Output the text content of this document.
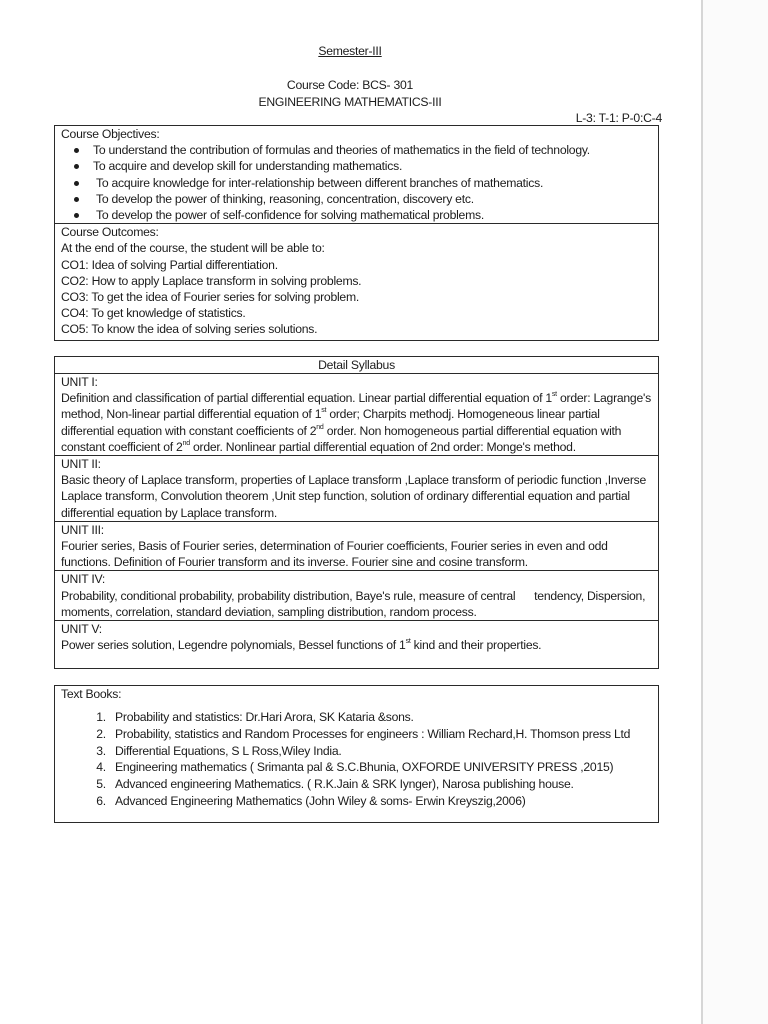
Semester-III
Course Code: BCS- 301
ENGINEERING MATHEMATICS-III
L-3: T-1: P-0:C-4
Course Objectives:
To understand the contribution of formulas and theories of mathematics in the field of technology.
To acquire and develop skill for understanding mathematics.
To acquire knowledge for inter-relationship between different branches of mathematics.
To develop the power of thinking, reasoning, concentration, discovery etc.
To develop the power of self-confidence for solving mathematical problems.
Course Outcomes:
At the end of the course, the student will be able to:
CO1: Idea of solving Partial differentiation.
CO2: How to apply Laplace transform in solving problems.
CO3: To get the idea of Fourier series for solving problem.
CO4: To get knowledge of statistics.
CO5: To know the idea of solving series solutions.
Detail Syllabus
UNIT I:
Definition and classification of partial differential equation. Linear partial differential equation of 1st order: Lagrange's method, Non-linear partial differential equation of 1st order; Charpits methodj. Homogeneous linear partial differential equation with constant coefficients of 2nd order. Non homogeneous partial differential equation with constant coefficient of 2nd order. Nonlinear partial differential equation of 2nd order: Monge's method.
UNIT II:
Basic theory of Laplace transform, properties of Laplace transform ,Laplace transform of periodic function ,Inverse Laplace transform, Convolution theorem ,Unit step function, solution of ordinary differential equation and partial differential equation by Laplace transform.
UNIT III:
Fourier series, Basis of Fourier series, determination of Fourier coefficients, Fourier series in even and odd functions. Definition of Fourier transform and its inverse. Fourier sine and cosine transform.
UNIT IV:
Probability, conditional probability, probability distribution, Baye's rule, measure of central      tendency, Dispersion, moments, correlation, standard deviation, sampling distribution, random process.
UNIT V:
Power series solution, Legendre polynomials, Bessel functions of 1st kind and their properties.
Text Books:
1. Probability and statistics: Dr.Hari Arora, SK Kataria &sons.
2. Probability, statistics and Random Processes for engineers : William Rechard,H. Thomson press Ltd
3. Differential Equations, S L Ross,Wiley India.
4. Engineering mathematics ( Srimanta pal & S.C.Bhunia, OXFORDE UNIVERSITY PRESS ,2015)
5. Advanced engineering Mathematics. ( R.K.Jain & SRK Iynger), Narosa publishing house.
6. Advanced Engineering Mathematics (John Wiley & soms- Erwin Kreyszig,2006)
